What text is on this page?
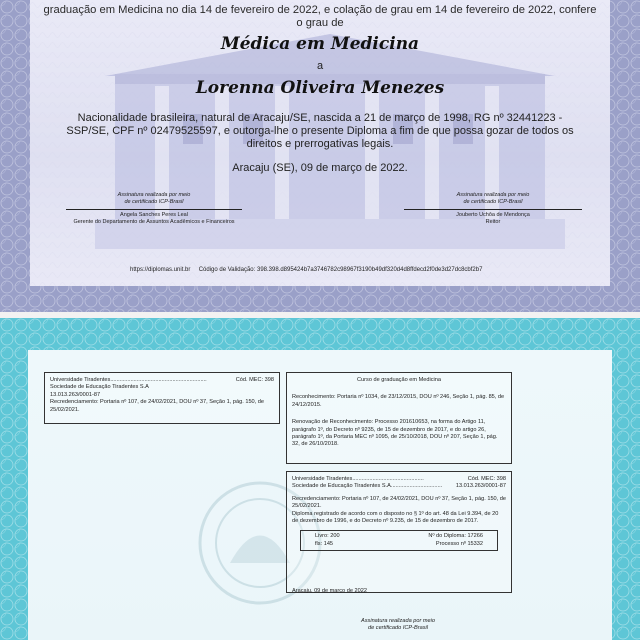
graduação em Medicina no dia 14 de fevereiro de 2022, e colação de grau em 14 de fevereiro de 2022, confere o grau de
Médica em Medicina
a
Lorenna Oliveira Menezes
Nacionalidade brasileira, natural de Aracaju/SE, nascida a 21 de março de 1998, RG nº 32441223 - SSP/SE, CPF nº 02479525597, e outorga-lhe o presente Diploma a fim de que possa gozar de todos os direitos e prerrogativas legais.
Aracaju (SE), 09 de março de 2022.
Assinatura realizada por meio
de certificado ICP-Brasil
Angela Sanches Peres Leal
Gerente do Departamento de Assuntos Acadêmicos e Financeiros
Assinatura realizada por meio
de certificado ICP-Brasil
Jouberto Uchôa de Mendonça
Reitor
https://diplomas.unit.br Código de Validação: 398.398.d895424b7a3746782c98967f3190b49df320d4d8ffdecd2f0de3d27dc8cbf2b7
Universidade Tiradentes..............................................................	Cód. MEC: 398
Sociedade de Educação Tiradentes S.A
13.013.263/0001-87
Recredenciamento: Portaria nº 107, de 24/02/2021, DOU nº 37, Seção 1, pág. 150, de 25/02/2021.
Curso de graduação em Medicina
Reconhecimento: Portaria nº 1034, de 23/12/2015, DOU nº 246, Seção 1, pág. 85, de 24/12/2015.
Renovação de Reconhecimento: Processo 201610653, na forma do Artigo 11, parágrafo 1º, do Decreto nº 9235, de 15 de dezembro de 2017, e do artigo 26, parágrafo 1º, da Portaria MEC nº 1095, de 25/10/2018, DOU nº 207, Seção 1, pág. 32, de 26/10/2018.
Universidade Tiradentes..............................................	Cód. MEC: 398
Sociedade de Educação Tiradentes S.A................................. 13.013.263/0001-87
Recredenciamento: Portaria nº 107, de 24/02/2021, DOU nº 37, Seção 1, pág. 150, de 25/02/2021.
Diploma registrado de acordo com o disposto no § 1º do art. 48 da Lei 9.394, de 20 de dezembro de 1996, e do Decreto nº 9.235, de 15 de dezembro de 2017.
Livro: 200	Nº do Diploma: 17266
fls: 145	Processo nº 15332
Aracaju, 09 de março de 2022
Assinatura realizada por meio
de certificado ICP-Brasil
